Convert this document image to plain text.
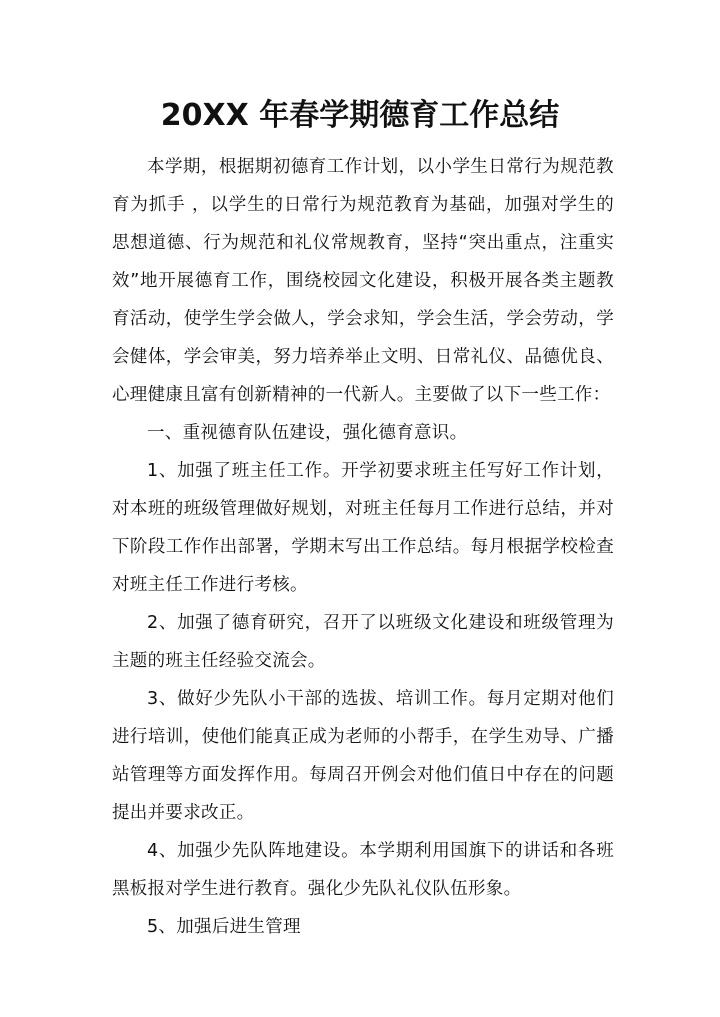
20XX 年春学期德育工作总结

本学期，根据期初德育工作计划，以小学生日常行为规范教育为抓手 ，以学生的日常行为规范教育为基础，加强对学生的思想道德、行为规范和礼仪常规教育，坚持“突出重点，注重实效”地开展德育工作，围绕校园文化建设，积极开展各类主题教育活动，使学生学会做人，学会求知，学会生活，学会劳动，学会健体，学会审美，努力培养举止文明、日常礼仪、品德优良、心理健康且富有创新精神的一代新人。主要做了以下一些工作：

一、重视德育队伍建设，强化德育意识。

1、加强了班主任工作。开学初要求班主任写好工作计划，对本班的班级管理做好规划，对班主任每月工作进行总结，并对下阶段工作作出部署，学期末写出工作总结。每月根据学校检查对班主任工作进行考核。

2、加强了德育研究，召开了以班级文化建设和班级管理为主题的班主任经验交流会。

3、做好少先队小干部的选拔、培训工作。每月定期对他们进行培训，使他们能真正成为老师的小帮手，在学生劝导、广播站管理等方面发挥作用。每周召开例会对他们值日中存在的问题提出并要求改正。

4、加强少先队阵地建设。本学期利用国旗下的讲话和各班黑板报对学生进行教育。强化少先队礼仪队伍形象。

5、加强后进生管理
